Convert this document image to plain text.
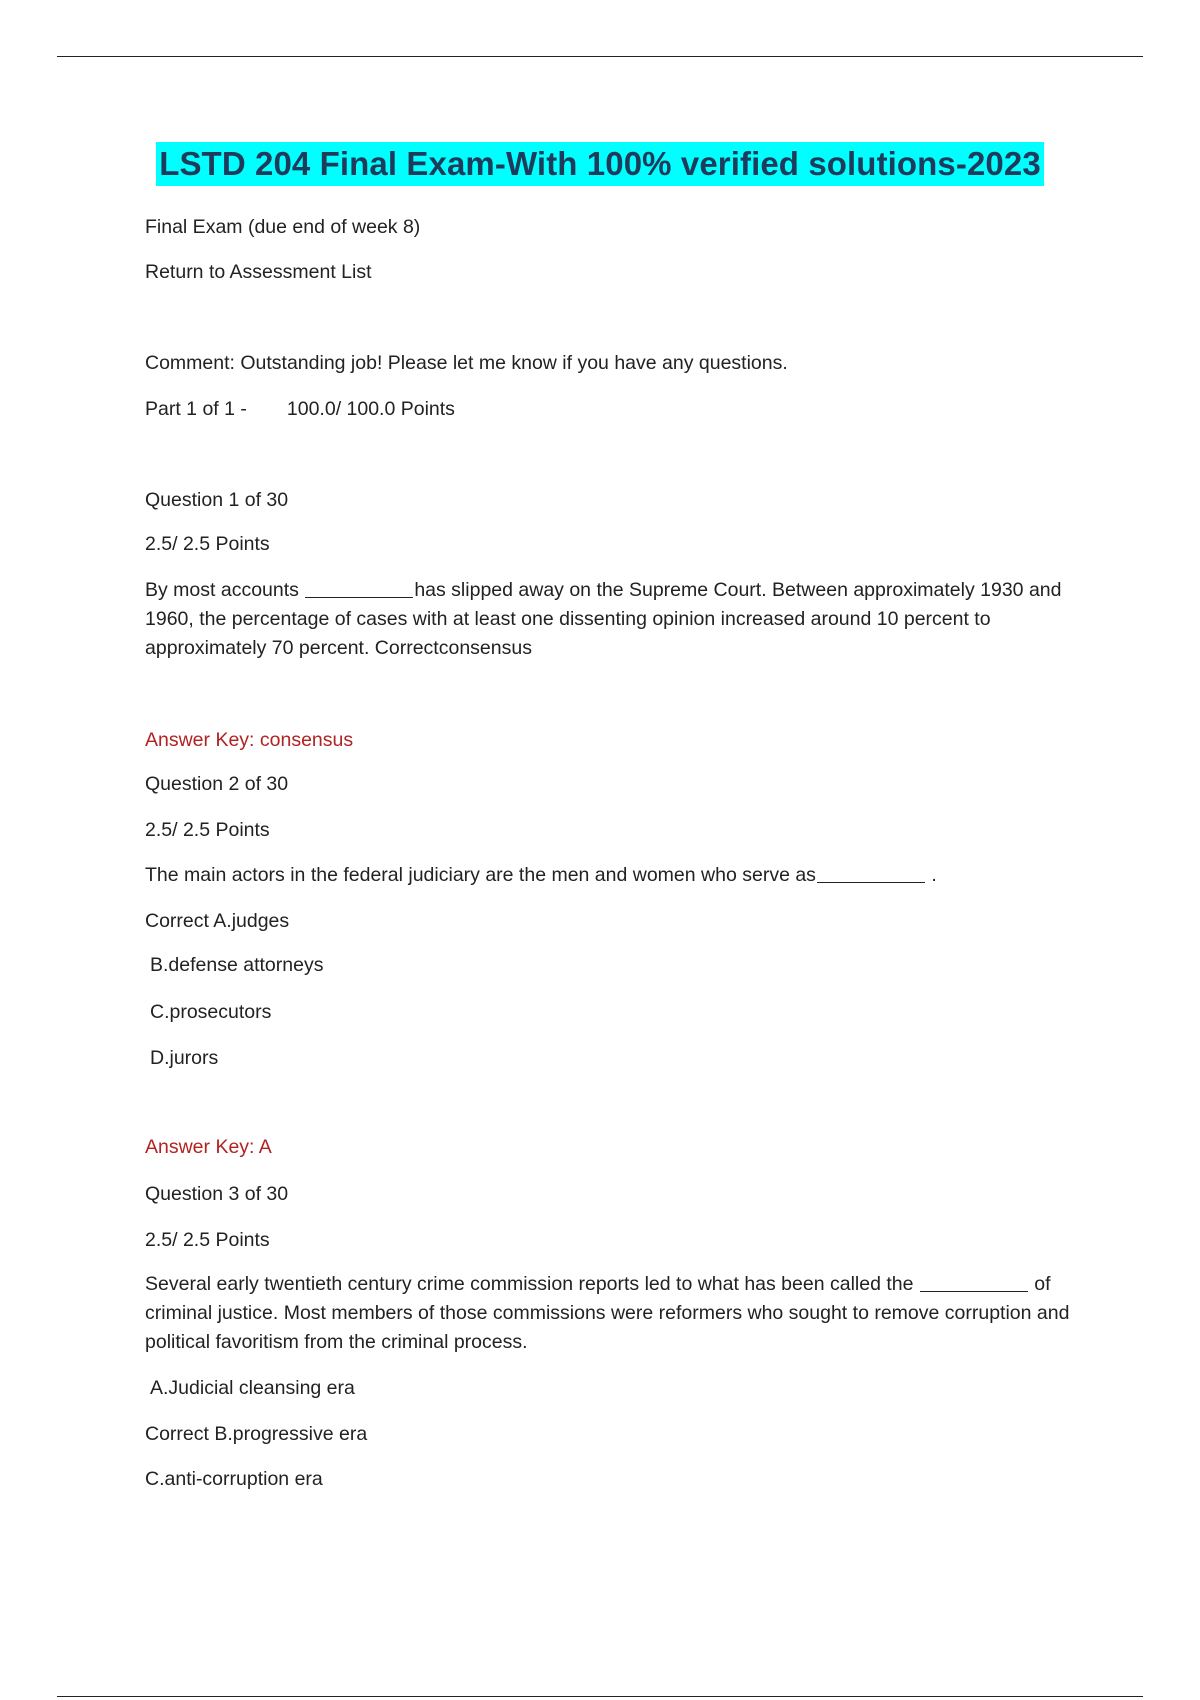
LSTD 204 Final Exam-With 100% verified solutions-2023
Final Exam (due end of week 8)
Return to Assessment List
Comment: Outstanding job! Please let me know if you have any questions.
Part 1 of 1 - 100.0/ 100.0 Points
Question 1 of 30
2.5/ 2.5 Points
By most accounts	has slipped away on the Supreme Court. Between approximately 1930 and 1960, the percentage of cases with at least one dissenting opinion increased around 10 percent to approximately 70 percent. Correctconsensus
Answer Key: consensus
Question 2 of 30
2.5/ 2.5 Points
The main actors in the federal judiciary are the men and women who serve as	.
Correct A.judges
B.defense attorneys
C.prosecutors
D.jurors
Answer Key: A
Question 3 of 30
2.5/ 2.5 Points
Several early twentieth century crime commission reports led to what has been called the	of criminal justice. Most members of those commissions were reformers who sought to remove corruption and political favoritism from the criminal process.
A.Judicial cleansing era
Correct B.progressive era
C.anti-corruption era
